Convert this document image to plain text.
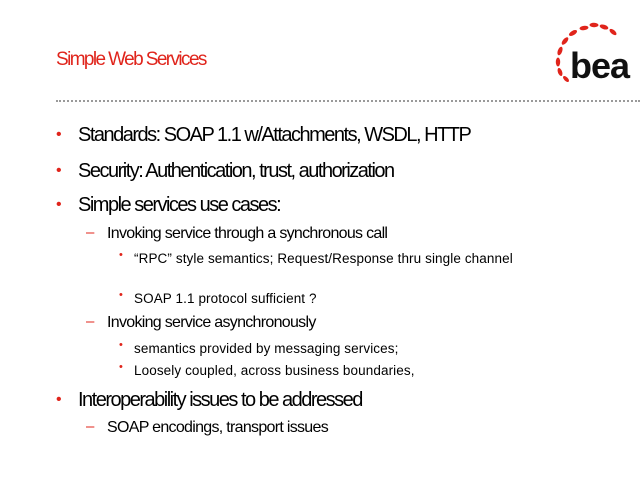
Simple Web Services	bea
• Standards: SOAP 1.1 w/Attachments, WSDL, HTTP
• Security: Authentication, trust, authorization
• Simple services use cases:
– Invoking service through a synchronous call
• “RPC” style semantics; Request/Response thru single channel
• SOAP 1.1 protocol sufficient ?
– Invoking service asynchronously
• semantics provided by messaging services;
• Loosely coupled, across business boundaries,
• Interoperability issues to be addressed
– SOAP encodings, transport issues
